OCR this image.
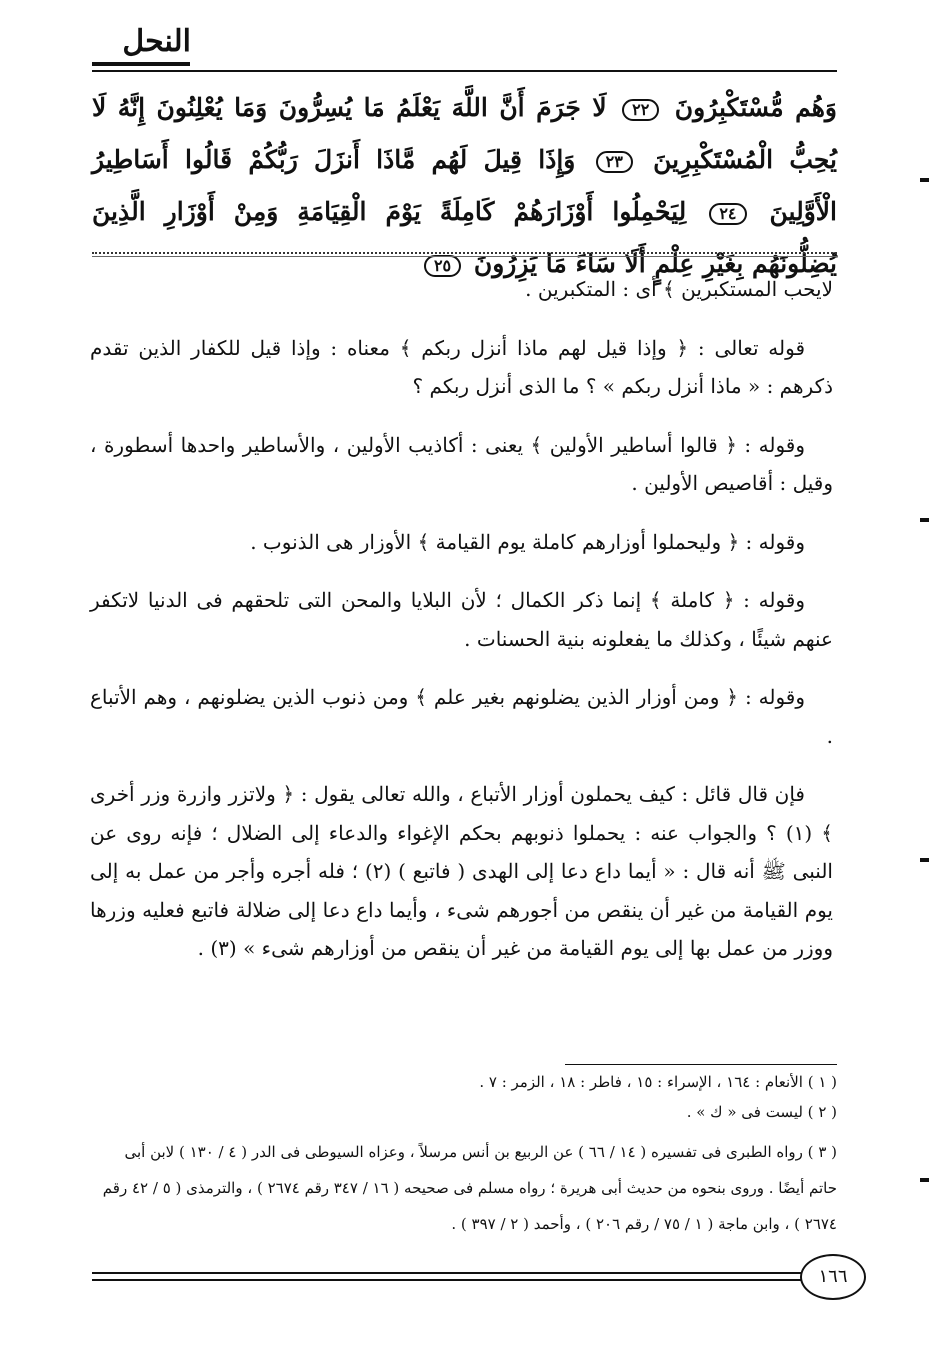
النحل
وَهُم مُّسْتَكْبِرُونَ ٢٢ لَا جَرَمَ أَنَّ اللَّهَ يَعْلَمُ مَا يُسِرُّونَ وَمَا يُعْلِنُونَ إِنَّهُ لَا يُحِبُّ الْمُسْتَكْبِرِينَ ٢٣ وَإِذَا قِيلَ لَهُم مَّاذَا أَنزَلَ رَبُّكُمْ قَالُوا أَسَاطِيرُ الْأَوَّلِينَ ٢٤ لِيَحْمِلُوا أَوْزَارَهُمْ كَامِلَةً يَوْمَ الْقِيَامَةِ وَمِنْ أَوْزَارِ الَّذِينَ يُضِلُّونَهُم بِغَيْرِ عِلْمٍ أَلَا سَاءَ مَا يَزِرُونَ ٢٥

لايحب المستكبرين ﴾ أى : المتكبرين .

قوله تعالى : ﴿ وإذا قيل لهم ماذا أنزل ربكم ﴾ معناه : وإذا قيل للكفار الذين تقدم ذكرهم : « ماذا أنزل ربكم » ؟ ما الذى أنزل ربكم ؟

وقوله : ﴿ قالوا أساطير الأولين ﴾ يعنى : أكاذيب الأولين ، والأساطير واحدها أسطورة ، وقيل : أقاصيص الأولين .

وقوله : ﴿ وليحملوا أوزارهم كاملة يوم القيامة ﴾ الأوزار هى الذنوب .

وقوله : ﴿ كاملة ﴾ إنما ذكر الكمال ؛ لأن البلايا والمحن التى تلحقهم فى الدنيا لاتكفر عنهم شيئًا ، وكذلك ما يفعلونه بنية الحسنات .

وقوله : ﴿ ومن أوزار الذين يضلونهم بغير علم ﴾ ومن ذنوب الذين يضلونهم ، وهم الأتباع .

فإن قال قائل : كيف يحملون أوزار الأتباع ، والله تعالى يقول : ﴿ ولاتزر وازرة وزر أخرى ﴾ (١) ؟ والجواب عنه : يحملوا ذنوبهم بحكم الإغواء والدعاء إلى الضلال ؛ فإنه روى عن النبى ﷺ أنه قال : « أيما داع دعا إلى الهدى ( فاتبع ) (٢) ؛ فله أجره وأجر من عمل به إلى يوم القيامة من غير أن ينقص من أجورهم شىء ، وأيما داع دعا إلى ضلالة فاتبع فعليه وزرها ووزر من عمل بها إلى يوم القيامة من غير أن ينقص من أوزارهم شىء » (٣) .

( ١ ) الأنعام : ١٦٤ ، الإسراء : ١٥ ، فاطر : ١٨ ، الزمر : ٧ .

( ٢ ) ليست فى « ك » .

( ٣ ) رواه الطبرى فى تفسيره ( ١٤ / ٦٦ ) عن الربيع بن أنس مرسلاً ، وعزاه السيوطى فى الدر ( ٤ / ١٣٠ ) لابن أبى حاتم أيضًا . وروى بنحوه من حديث أبى هريرة ؛ رواه مسلم فى صحيحه ( ١٦ / ٣٤٧ رقم ٢٦٧٤ ) ، والترمذى ( ٥ / ٤٢ رقم ٢٦٧٤ ) ، وابن ماجة ( ١ / ٧٥ / رقم ٢٠٦ ) ، وأحمد ( ٢ / ٣٩٧ ) .

١٦٦
